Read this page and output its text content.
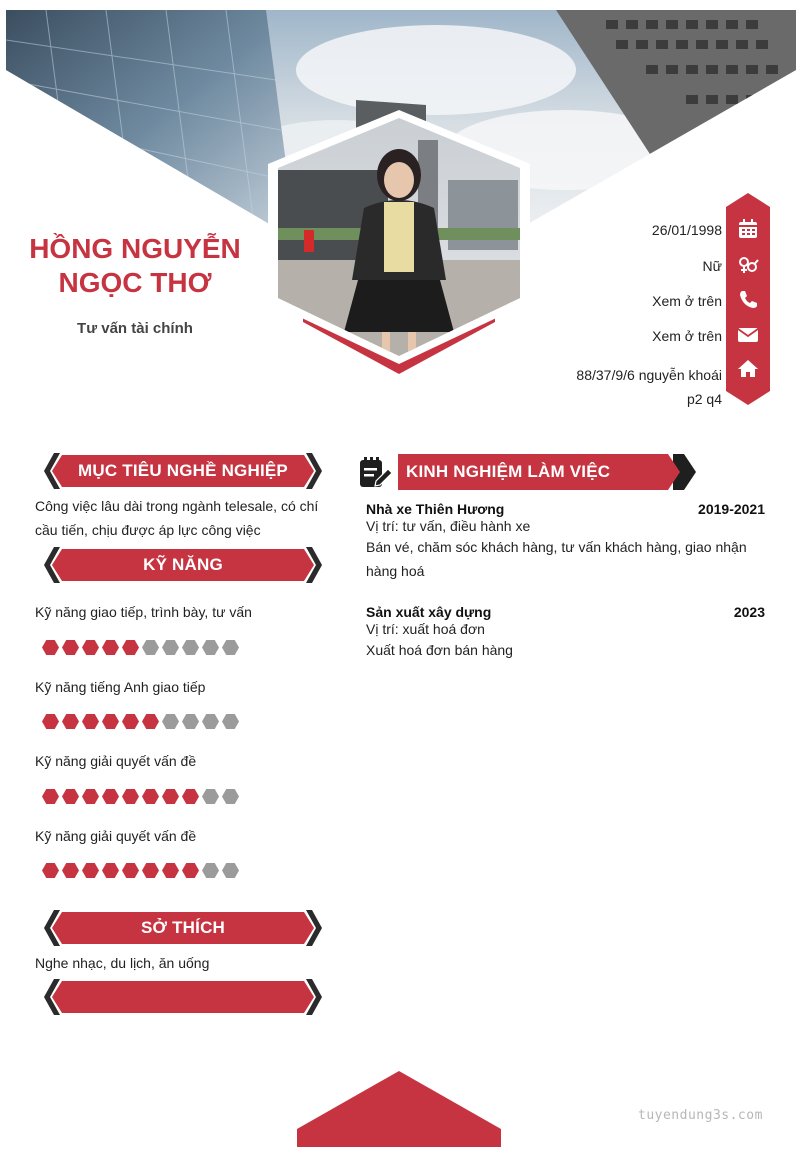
HỒNG NGUYỄN
NGỌC THƠ
Tư vấn tài chính
26/01/1998
Nữ
Xem ở trên
Xem ở trên
88/37/9/6 nguyễn khoái
p2 q4
MỤC TIÊU NGHỀ NGHIỆP
Công việc lâu dài trong ngành telesale, có chí
cầu tiến, chịu được áp lực công việc
KỸ NĂNG
Kỹ năng giao tiếp, trình bày, tư vấn
Kỹ năng tiếng Anh giao tiếp
Kỹ năng giải quyết vấn đề
Kỹ năng giải quyết vấn đề
SỞ THÍCH
Nghe nhạc, du lịch, ăn uống
KINH NGHIỆM LÀM VIỆC
Nhà xe Thiên Hương	2019-2021
Vị trí: tư vấn, điều hành xe
Bán vé, chăm sóc khách hàng, tư vấn khách hàng, giao nhận
hàng hoá
Sản xuất xây dựng	2023
Vị trí: xuất hoá đơn
Xuất hoá đơn bán hàng
tuyendung3s.com
